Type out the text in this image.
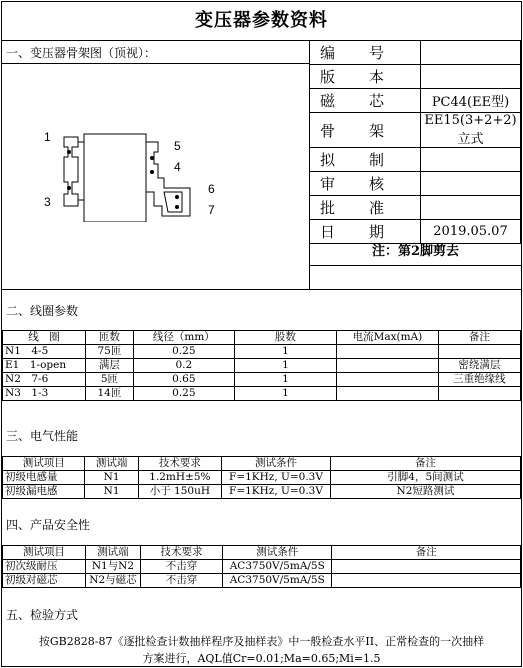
变压器参数资料
一、变压器骨架图（顶视）：
1
3
4
5
6
7
编号	
版本	
磁芯	PC44(EE型)
骨架	EE15(3+2+2)立式
拟制	
审核	
批准	
日期	2019.05.07
注：第2脚剪去
二、线圈参数
线　圈	匝数	线径（mm）	股数	电流Max(mA)	备注
N1　4-5	75匝	0.25	1		
E1　1-open	满层	0.2	1		密绕满层
N2　7-6	5匝	0.65	1		三重绝缘线
N3　1-3	14匝	0.25	1		
三、电气性能
测试项目	测试端	技术要求	测试条件	备注
初级电感量	N1	1.2mH±5%	F=1KHz, U=0.3V	引脚4，5间测试
初级漏电感	N1	小于 150uH	F=1KHz, U=0.3V	N2短路测试
四、产品安全性
测试项目	测试端	技术要求	测试条件	备注
初次级耐压	N1与N2	不击穿	AC3750V/5mA/5S	
初级对磁芯	N2与磁芯	不击穿	AC3750V/5mA/5S	
五、检验方式
按GB2828-87《逐批检查计数抽样程序及抽样表》中一般检查水平II、正常检查的一次抽样
方案进行，AQL值Cr=0.01;Ma=0.65;Mi=1.5
